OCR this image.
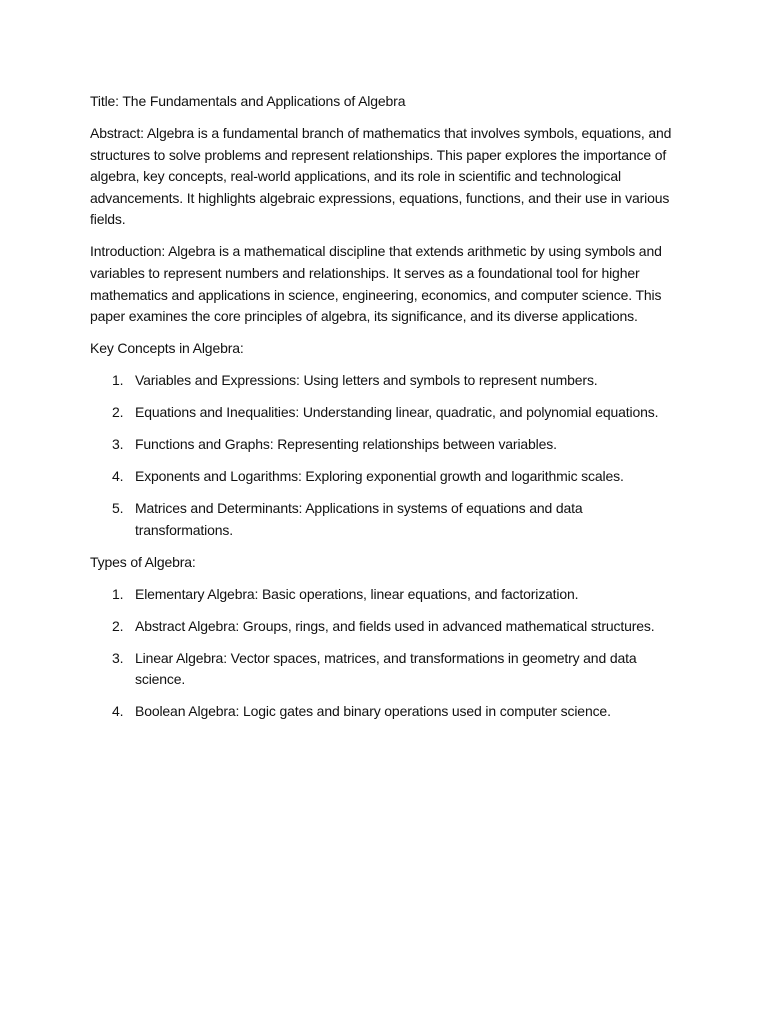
Title: The Fundamentals and Applications of Algebra

Abstract: Algebra is a fundamental branch of mathematics that involves symbols, equations, and structures to solve problems and represent relationships. This paper explores the importance of algebra, key concepts, real-world applications, and its role in scientific and technological advancements. It highlights algebraic expressions, equations, functions, and their use in various fields.

Introduction: Algebra is a mathematical discipline that extends arithmetic by using symbols and variables to represent numbers and relationships. It serves as a foundational tool for higher mathematics and applications in science, engineering, economics, and computer science. This paper examines the core principles of algebra, its significance, and its diverse applications.

Key Concepts in Algebra:

1. Variables and Expressions: Using letters and symbols to represent numbers.
2. Equations and Inequalities: Understanding linear, quadratic, and polynomial equations.
3. Functions and Graphs: Representing relationships between variables.
4. Exponents and Logarithms: Exploring exponential growth and logarithmic scales.
5. Matrices and Determinants: Applications in systems of equations and data transformations.

Types of Algebra:

1. Elementary Algebra: Basic operations, linear equations, and factorization.
2. Abstract Algebra: Groups, rings, and fields used in advanced mathematical structures.
3. Linear Algebra: Vector spaces, matrices, and transformations in geometry and data science.
4. Boolean Algebra: Logic gates and binary operations used in computer science.
